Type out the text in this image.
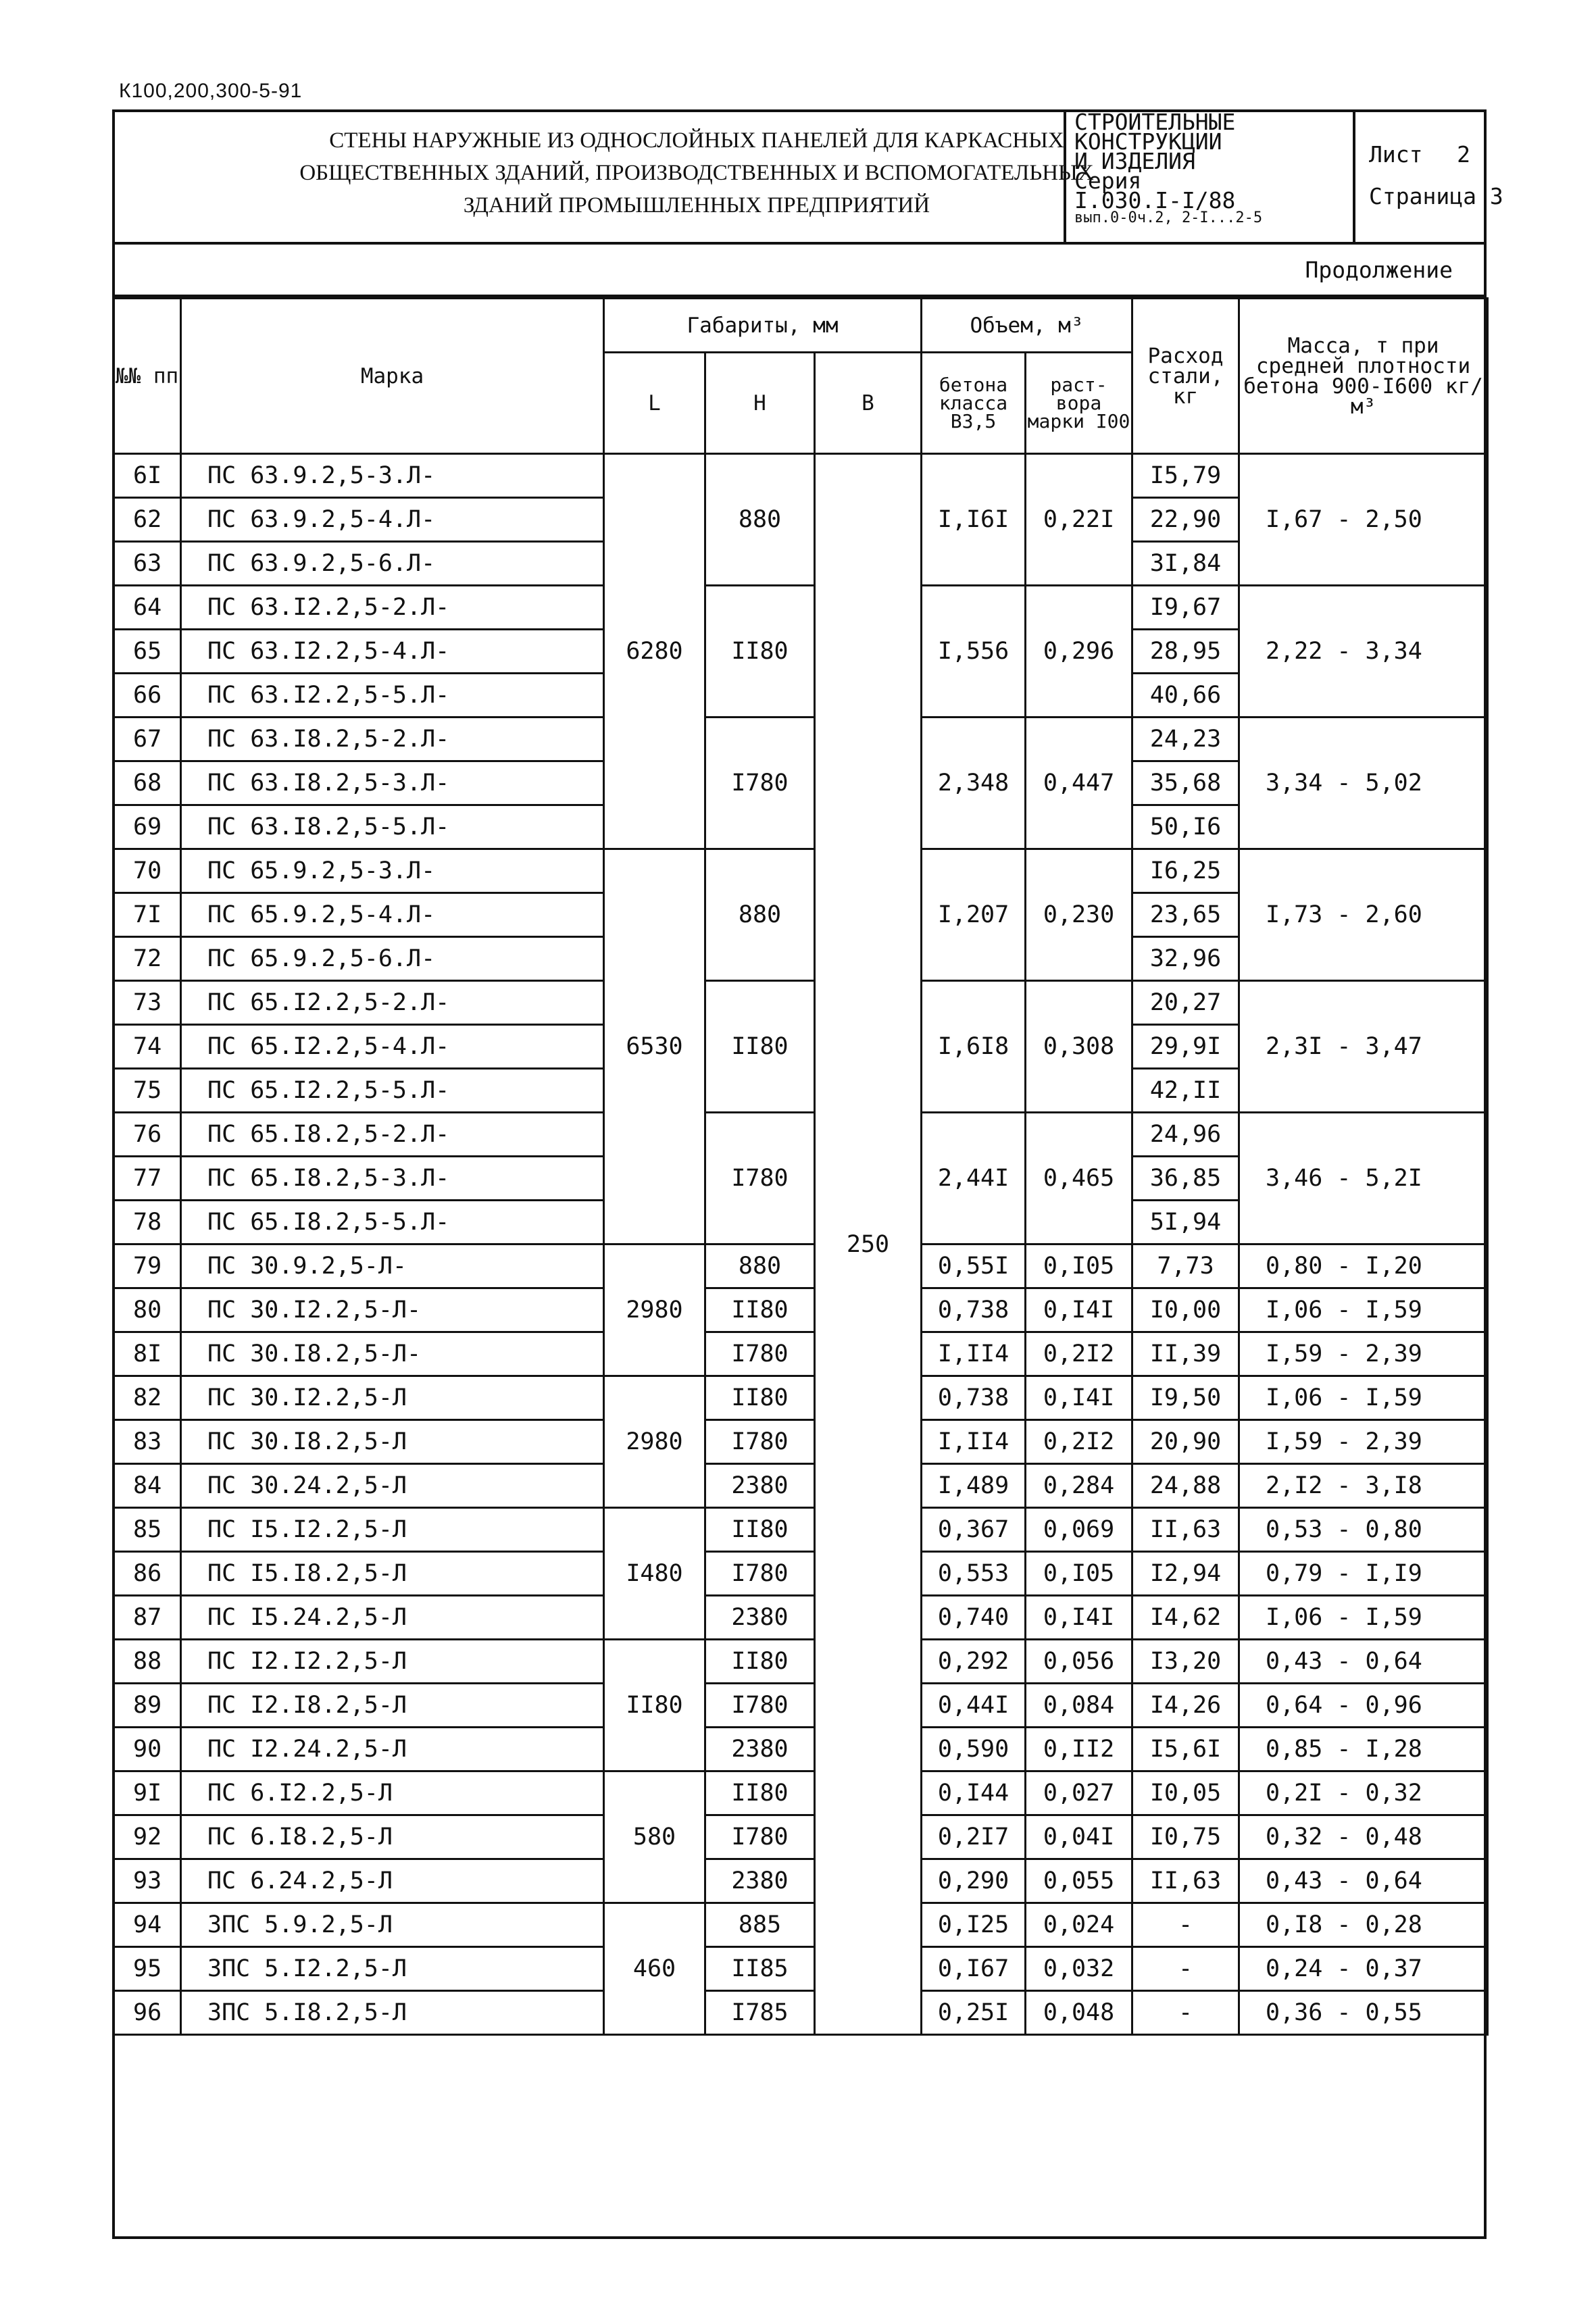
К100,200,300-5-91
СТЕНЫ НАРУЖНЫЕ ИЗ ОДНОСЛОЙНЫХ ПАНЕЛЕЙ ДЛЯ КАРКАСНЫХ
ОБЩЕСТВЕННЫХ ЗДАНИЙ, ПРОИЗВОДСТВЕННЫХ И ВСПОМОГАТЕЛЬНЫХ
ЗДАНИЙ ПРОМЫШЛЕННЫХ ПРЕДПРИЯТИЙ
СТРОИТЕЛЬНЫЕ
КОНСТРУКЦИИ
И ИЗДЕЛИЯ
Серия
I.030.I-I/88
вып.0-0ч.2, 2-I...2-5
Лист 2
Страница
3
Продолжение
№№ пп	Марка	Габариты, мм			Объем, м³		Расход стали, кг	Масса, т при средней плотности бетона 900-I600 кг/м³
		L	H	B	бетона класса B3,5	раст- вора марки I00		
6I	ПС 63.9.2,5-3.Л-	6280	880	250	I,I6I	0,22I	I5,79	I,67 - 2,50
62	ПС 63.9.2,5-4.Л-						22,90	
63	ПС 63.9.2,5-6.Л-						3I,84	
64	ПС 63.I2.2,5-2.Л-		II80		I,556	0,296	I9,67	2,22 - 3,34
65	ПС 63.I2.2,5-4.Л-						28,95	
66	ПС 63.I2.2,5-5.Л-						40,66	
67	ПС 63.I8.2,5-2.Л-		I780		2,348	0,447	24,23	3,34 - 5,02
68	ПС 63.I8.2,5-3.Л-						35,68	
69	ПС 63.I8.2,5-5.Л-						50,I6	
70	ПС 65.9.2,5-3.Л-	6530	880		I,207	0,230	I6,25	I,73 - 2,60
7I	ПС 65.9.2,5-4.Л-						23,65	
72	ПС 65.9.2,5-6.Л-						32,96	
73	ПС 65.I2.2,5-2.Л-		II80		I,6I8	0,308	20,27	2,3I - 3,47
74	ПС 65.I2.2,5-4.Л-						29,9I	
75	ПС 65.I2.2,5-5.Л-						42,II	
76	ПС 65.I8.2,5-2.Л-		I780		2,44I	0,465	24,96	3,46 - 5,2I
77	ПС 65.I8.2,5-3.Л-						36,85	
78	ПС 65.I8.2,5-5.Л-						5I,94	
79	ПС 30.9.2,5-Л-	2980	880		0,55I	0,I05	7,73	0,80 - I,20
80	ПС 30.I2.2,5-Л-		II80		0,738	0,I4I	I0,00	I,06 - I,59
8I	ПС 30.I8.2,5-Л-		I780		I,II4	0,2I2	II,39	I,59 - 2,39
82	ПС 30.I2.2,5-Л	2980	II80		0,738	0,I4I	I9,50	I,06 - I,59
83	ПС 30.I8.2,5-Л		I780		I,II4	0,2I2	20,90	I,59 - 2,39
84	ПС 30.24.2,5-Л		2380		I,489	0,284	24,88	2,I2 - 3,I8
85	ПС I5.I2.2,5-Л	I480	II80		0,367	0,069	II,63	0,53 - 0,80
86	ПС I5.I8.2,5-Л		I780		0,553	0,I05	I2,94	0,79 - I,I9
87	ПС I5.24.2,5-Л		2380		0,740	0,I4I	I4,62	I,06 - I,59
88	ПС I2.I2.2,5-Л	II80	II80		0,292	0,056	I3,20	0,43 - 0,64
89	ПС I2.I8.2,5-Л		I780		0,44I	0,084	I4,26	0,64 - 0,96
90	ПС I2.24.2,5-Л		2380		0,590	0,II2	I5,6I	0,85 - I,28
9I	ПС 6.I2.2,5-Л	580	II80		0,I44	0,027	I0,05	0,2I - 0,32
92	ПС 6.I8.2,5-Л		I780		0,2I7	0,04I	I0,75	0,32 - 0,48
93	ПС 6.24.2,5-Л		2380		0,290	0,055	II,63	0,43 - 0,64
94	ЗПС 5.9.2,5-Л	460	885		0,I25	0,024	-	0,I8 - 0,28
95	ЗПС 5.I2.2,5-Л		II85		0,I67	0,032	-	0,24 - 0,37
96	ЗПС 5.I8.2,5-Л		I785		0,25I	0,048	-	0,36 - 0,55
